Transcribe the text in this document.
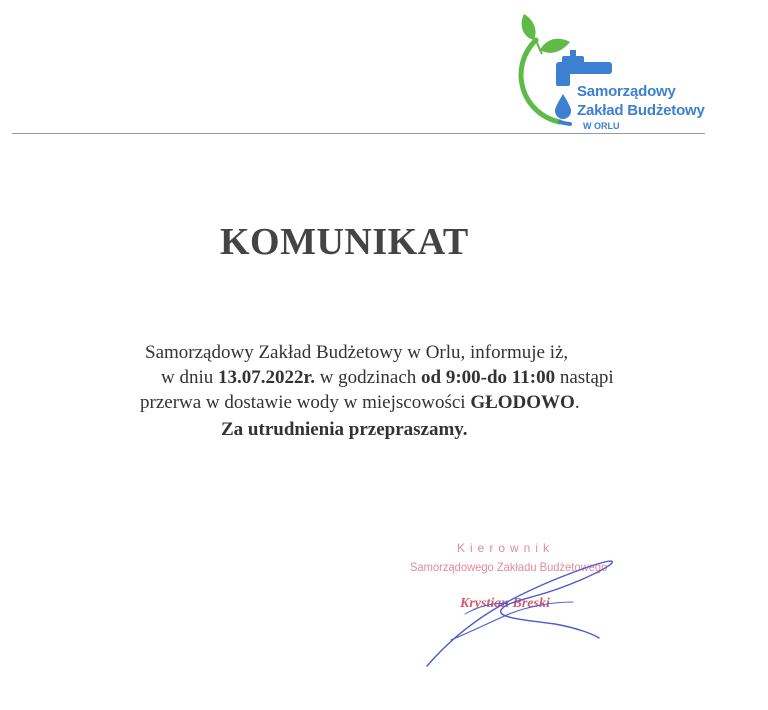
Samorządowy
Zakład Budżetowy
W ORLU
KOMUNIKAT
Samorządowy Zakład Budżetowy w Orlu, informuje iż,
w dniu 13.07.2022r. w godzinach od 9:00-do 11:00 nastąpi
przerwa w dostawie wody w miejscowości GŁODOWO.
Za utrudnienia przepraszamy.
Kierownik
Samorządowego Zakładu Budżetowego
Krystian Breski
